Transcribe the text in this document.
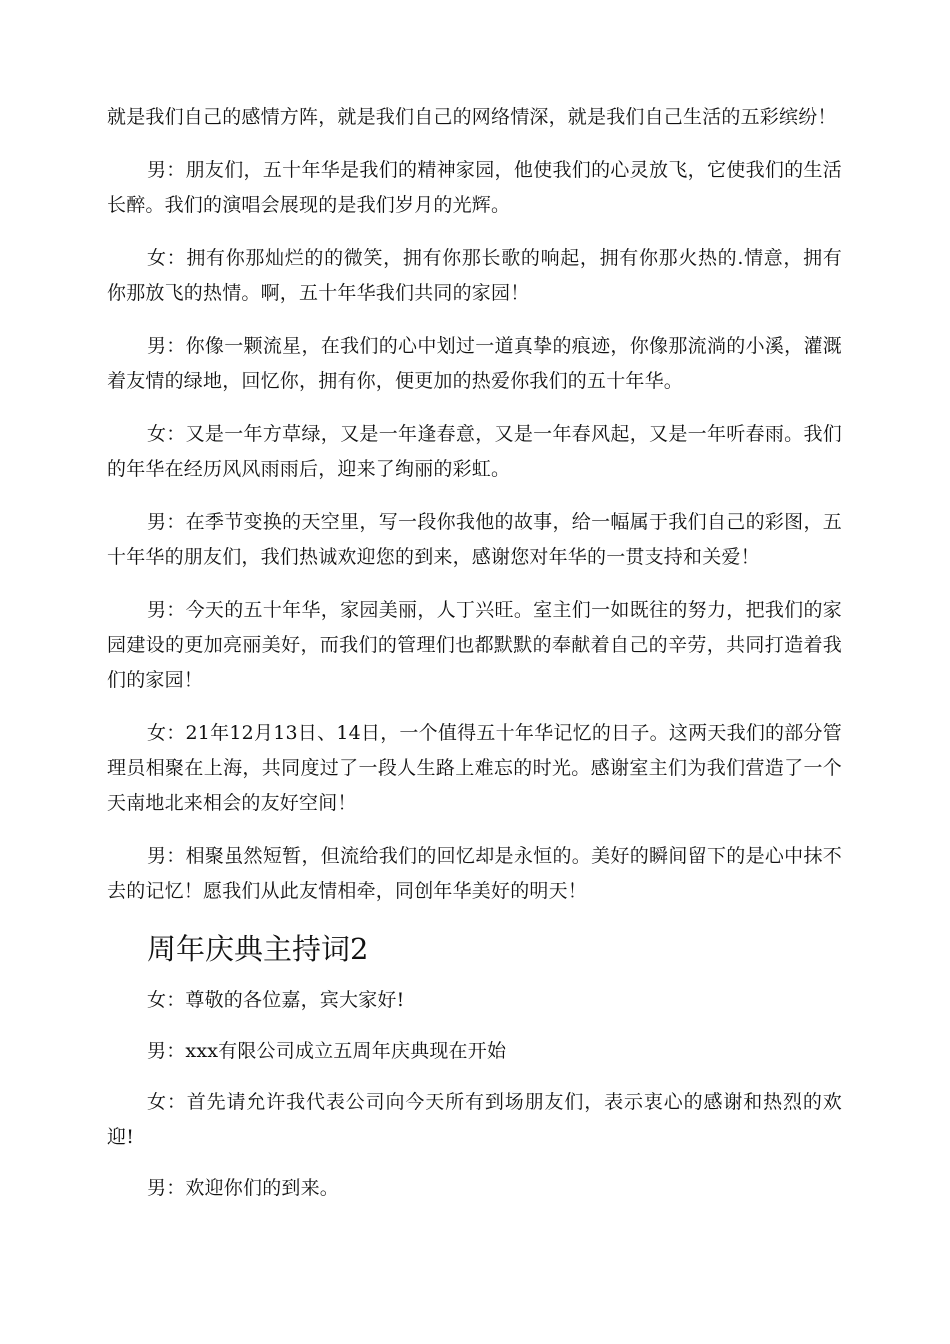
就是我们自己的感情方阵，就是我们自己的网络情深，就是我们自己生活的五彩缤纷！

男：朋友们，五十年华是我们的精神家园，他使我们的心灵放飞，它使我们的生活长醉。我们的演唱会展现的是我们岁月的光辉。

女：拥有你那灿烂的的微笑，拥有你那长歌的响起，拥有你那火热的.情意，拥有你那放飞的热情。啊，五十年华我们共同的家园！

男：你像一颗流星，在我们的心中划过一道真挚的痕迹，你像那流淌的小溪，灌溉着友情的绿地，回忆你，拥有你，便更加的热爱你我们的五十年华。

女：又是一年方草绿，又是一年逢春意，又是一年春风起，又是一年听春雨。我们的年华在经历风风雨雨后，迎来了绚丽的彩虹。

男：在季节变换的天空里，写一段你我他的故事，给一幅属于我们自己的彩图，五十年华的朋友们，我们热诚欢迎您的到来，感谢您对年华的一贯支持和关爱！

男：今天的五十年华，家园美丽，人丁兴旺。室主们一如既往的努力，把我们的家园建设的更加亮丽美好，而我们的管理们也都默默的奉献着自己的辛劳，共同打造着我们的家园！

女：21年12月13日、14日，一个值得五十年华记忆的日子。这两天我们的部分管理员相聚在上海，共同度过了一段人生路上难忘的时光。感谢室主们为我们营造了一个天南地北来相会的友好空间！

男：相聚虽然短暂，但流给我们的回忆却是永恒的。美好的瞬间留下的是心中抹不去的记忆！愿我们从此友情相牵，同创年华美好的明天！

周年庆典主持词2

女：尊敬的各位嘉，宾大家好!

男：xxx有限公司成立五周年庆典现在开始

女：首先请允许我代表公司向今天所有到场朋友们，表示衷心的感谢和热烈的欢迎!

男：欢迎你们的到来。
